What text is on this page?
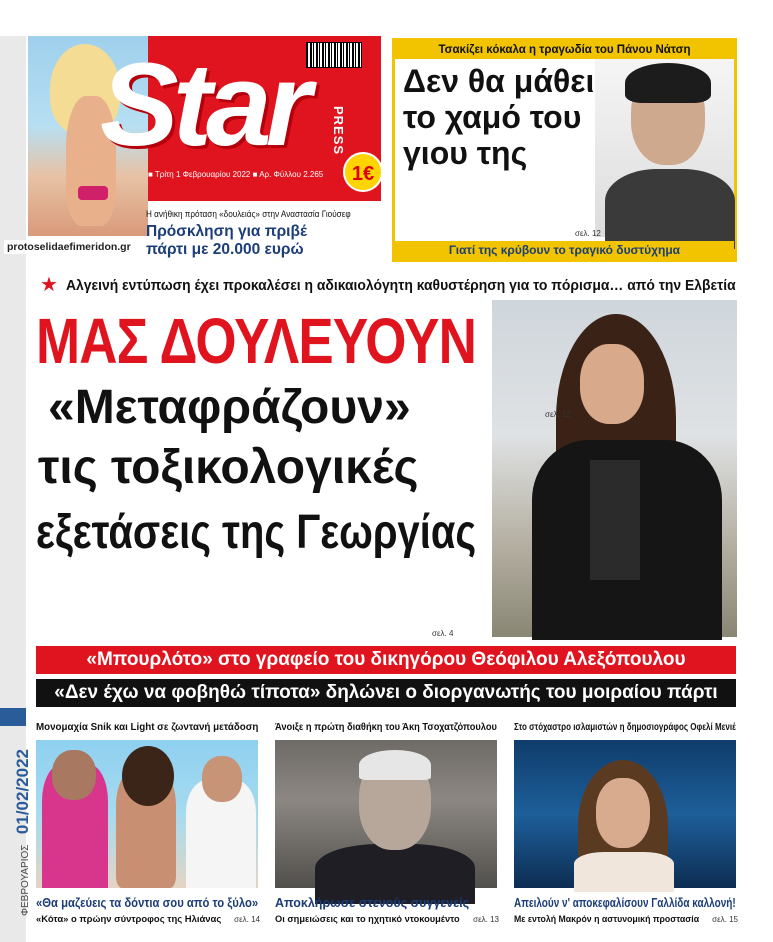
ΦΕΒΡΟΥΑΡΙΟΣ 01/02/2022
Star PRESS
■ Τρίτη 1 Φεβρουαρίου 2022 ■ Αρ. Φύλλου 2.265	1€
Η ανήθικη πρόταση «δουλειάς» στην Αναστασία Γιούσεφ
Πρόσκληση για πριβέ πάρτι με 20.000 ευρώ
protoselidaefimeridon.gr
Τσακίζει κόκαλα η τραγωδία του Πάνου Νάτση
Δεν θα μάθει το χαμό του γιου της
σελ. 12
Γιατί της κρύβουν το τραγικό δυστύχημα
★ Αλγεινή εντύπωση έχει προκαλέσει η αδικαιολόγητη καθυστέρηση για το πόρισμα… από την Ελβετία
σελ. 12
ΜΑΣ ΔΟΥΛΕΥΟΥΝ
«Μεταφράζουν»
τις τοξικολογικές
εξετάσεις της Γεωργίας
σελ. 4
«Μπουρλότο» στο γραφείο του δικηγόρου Θεόφιλου Αλεξόπουλου
«Δεν έχω να φοβηθώ τίποτα» δηλώνει ο διοργανωτής του μοιραίου πάρτι
Μονομαχία Snik και Light σε ζωντανή μετάδοση
«Θα μαζεύεις τα δόντια σου από το ξύλο»
«Κότα» ο πρώην σύντροφος της Ηλιάνας σελ. 14
Άνοιξε η πρώτη διαθήκη του Άκη Τσοχατζόπουλου
Αποκλήρωσε στενούς συγγενείς
Οι σημειώσεις και το ηχητικό ντοκουμέντο σελ. 13
Στο στόχαστρο ισλαμιστών η δημοσιογράφος Οφελί Μενιέ
Απειλούν ν' αποκεφαλίσουν Γαλλίδα καλλονή!
Με εντολή Μακρόν η αστυνομική προστασία σελ. 15
